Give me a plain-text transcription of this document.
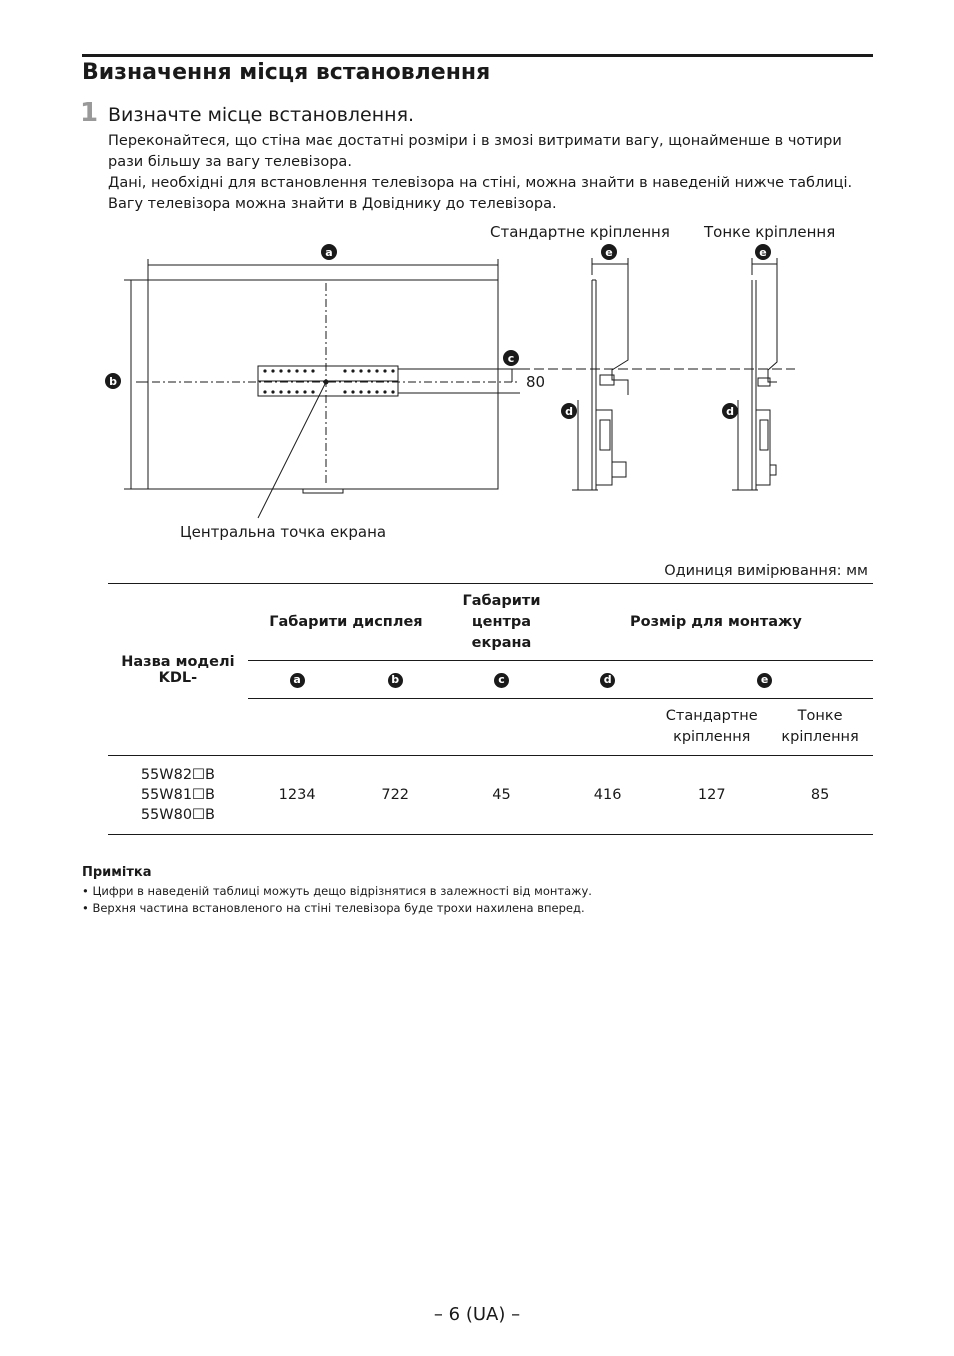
Визначення місця встановлення
1 Визначте місце встановлення.
Переконайтеся, що стіна має достатні розміри і в змозі витримати вагу, щонайменше в чотири рази більшу за вагу телевізора.
Дані, необхідні для встановлення телевізора на стіні, можна знайти в наведеній нижче таблиці. Вагу телевізора можна знайти в Довіднику до телевізора.
a
b
c
d	d
e	e
80
Стандартне кріплення Тонке кріплення
Центральна точка екрана
Одиниця вимірювання: мм
Назва моделі KDL-	Габарити дисплея		Габарити центра екрана	Розмір для монтажу		
	a	b	c	d	e	
					Стандартне кріплення	Тонке кріплення

55W82☐B
55W81☐B
55W80☐B	1234	722	45	416	127	85
Примітка
• Цифри в наведеній таблиці можуть дещо відрізнятися в залежності від монтажу.
• Верхня частина встановленого на стіні телевізора буде трохи нахилена вперед.
– 6 (UA) –
